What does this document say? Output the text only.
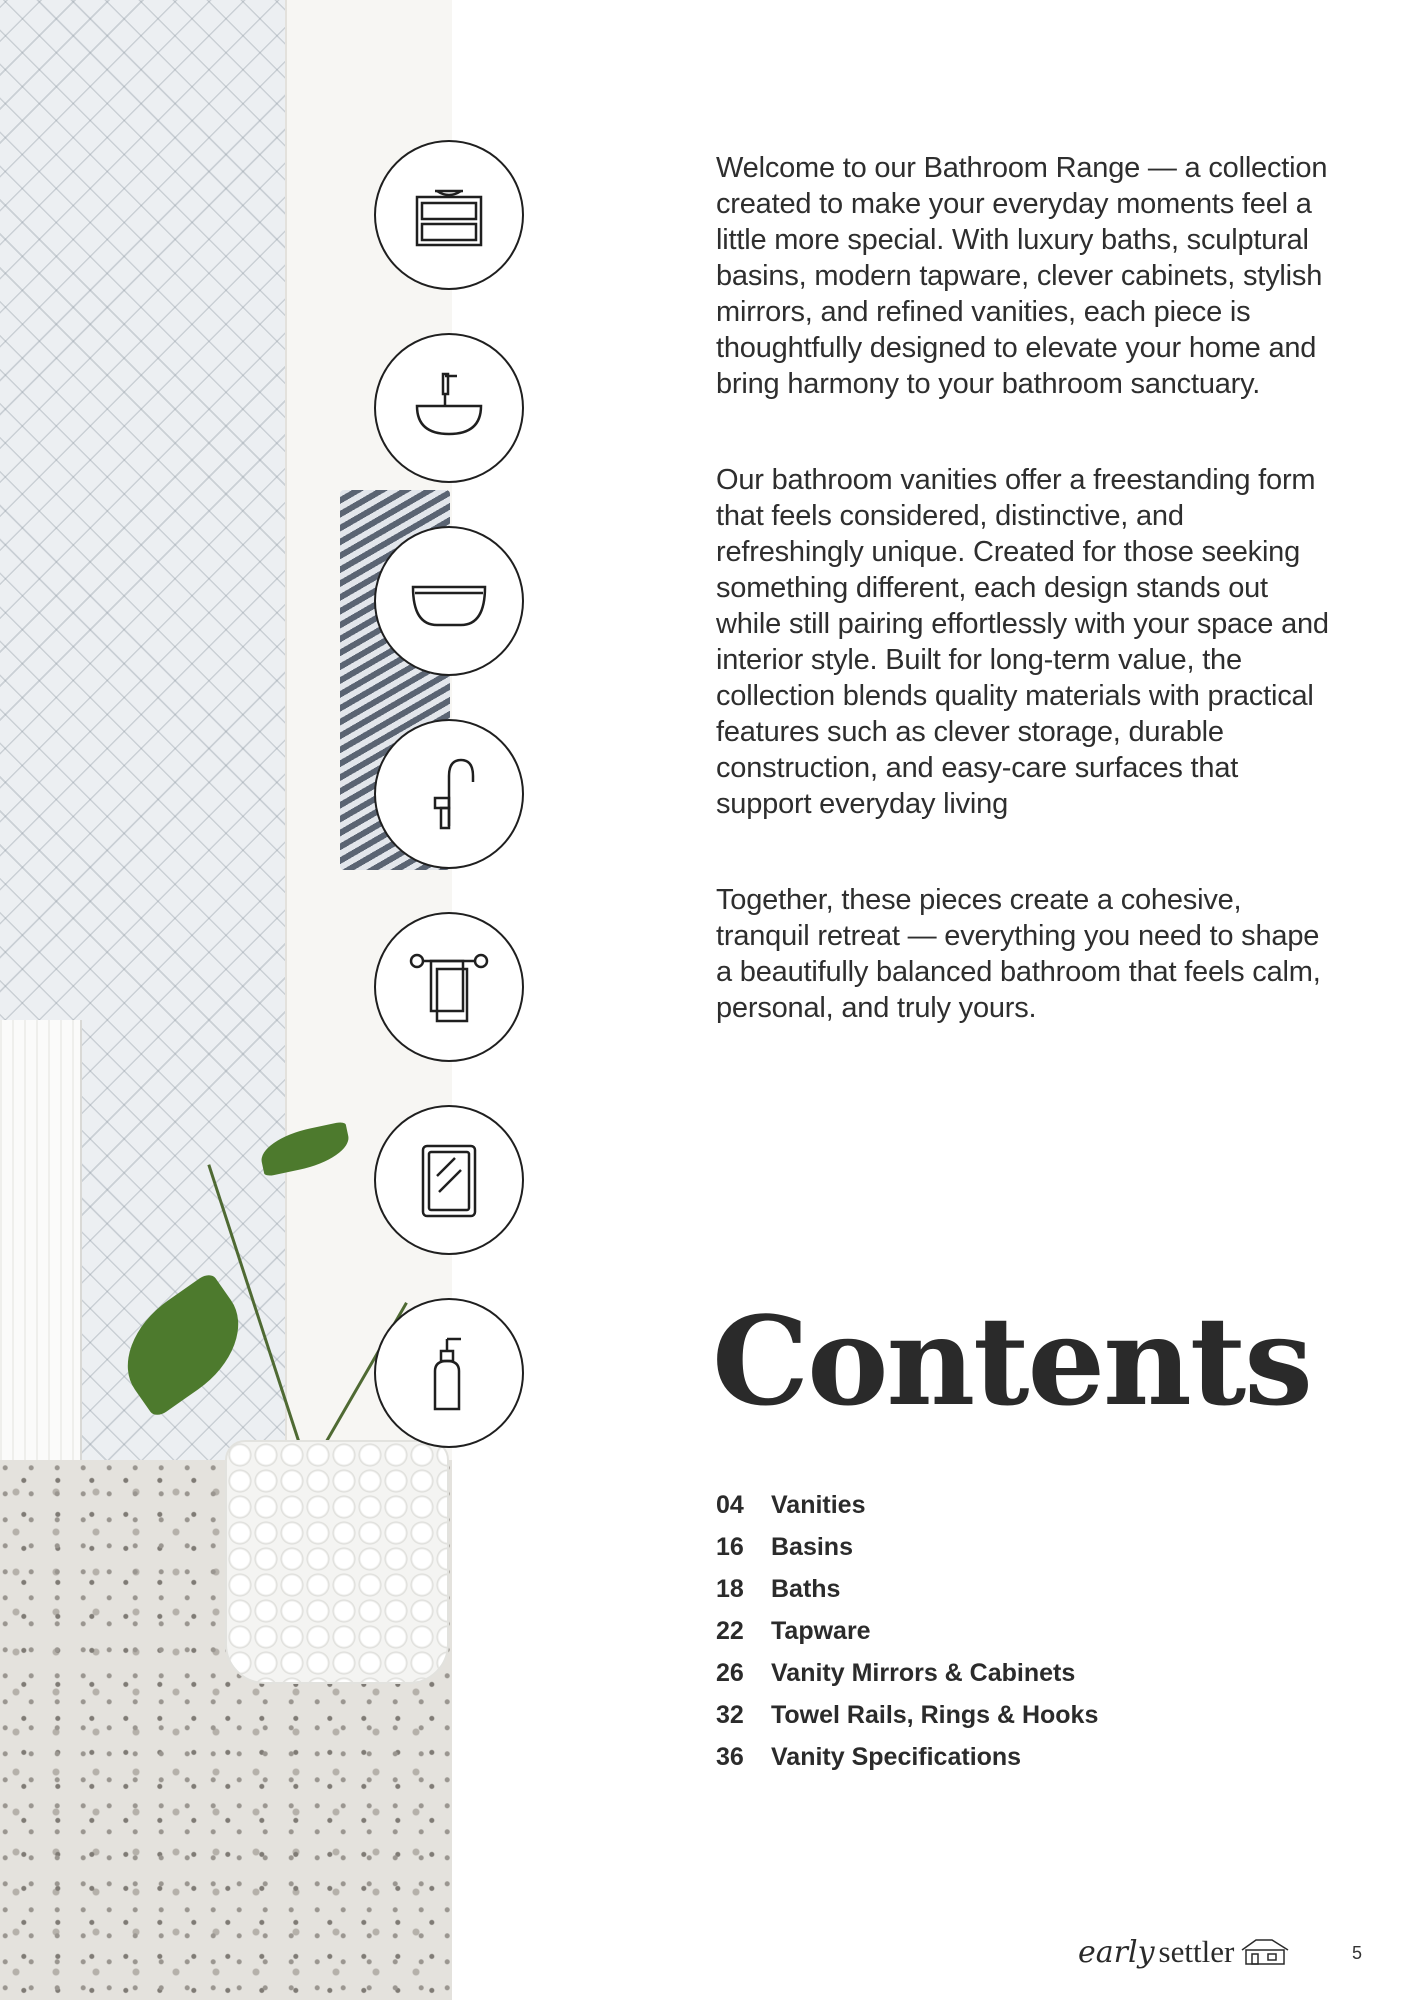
Welcome to our Bathroom Range — a collection created to make your everyday moments feel a little more special. With luxury baths, sculptural basins, modern tapware, clever cabinets, stylish mirrors, and refined vanities, each piece is thoughtfully designed to elevate your home and bring harmony to your bathroom sanctuary.

Our bathroom vanities offer a freestanding form that feels considered, distinctive, and refreshingly unique. Created for those seeking something different, each design stands out while still pairing effortlessly with your space and interior style. Built for long-term value, the collection blends quality materials with practical features such as clever storage, durable construction, and easy-care surfaces that support everyday living

Together, these pieces create a cohesive, tranquil retreat — everything you need to shape a beautifully balanced bathroom that feels calm, personal, and truly yours.

Contents
04	Vanities
16	Basins
18	Baths
22	Tapware
26	Vanity Mirrors & Cabinets
32	Towel Rails, Rings & Hooks
36	Vanity Specifications
early settler	5
